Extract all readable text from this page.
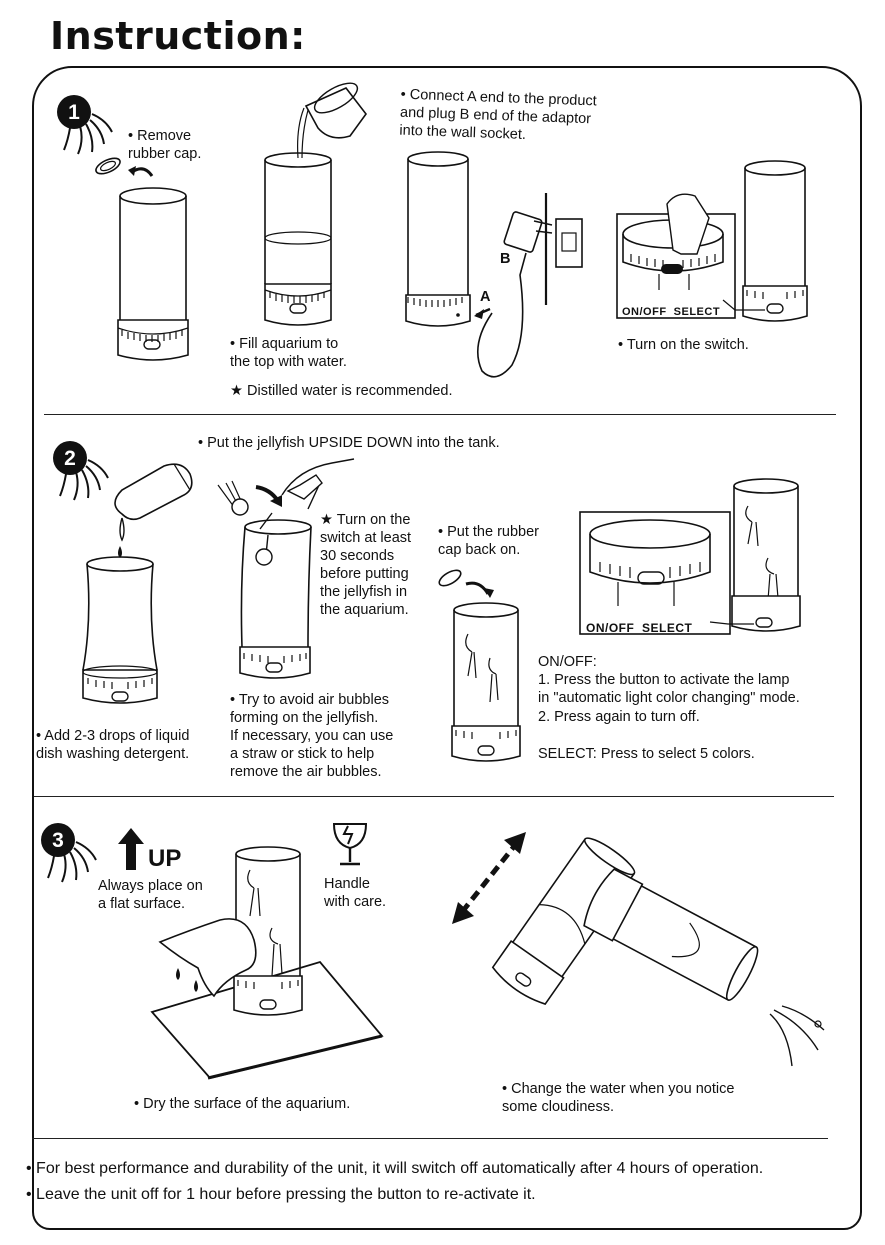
Instruction:
1
• Remove
rubber cap.
• Fill aquarium to
the top with water.
★ Distilled water is recommended.
• Connect A end to the product
and plug B end of the adaptor
into the wall socket.
A
B
ON/OFF  SELECT
• Turn on the switch.
2
• Put the jellyfish UPSIDE DOWN into the tank.
• Add 2-3 drops of liquid
dish washing detergent.
★ Turn on the
switch at least
30 seconds
before putting
the jellyfish in
the aquarium.
• Try to avoid air bubbles
forming on the jellyfish.
If necessary, you can use
a straw or stick to help
remove the air bubbles.
• Put the rubber
cap back on.
ON/OFF  SELECT
ON/OFF:
1. Press the button to activate the lamp
in "automatic light color changing" mode.
2. Press again to turn off.
SELECT: Press to select 5 colors.
3
UP
Always place on
a flat surface.
Handle
with care.
• Dry the surface of the aquarium.
• Change the water when you notice
some cloudiness.
• For best performance and durability of the unit, it will switch off automatically after 4 hours of operation.
• Leave the unit off for 1 hour before pressing the button to re-activate it.
